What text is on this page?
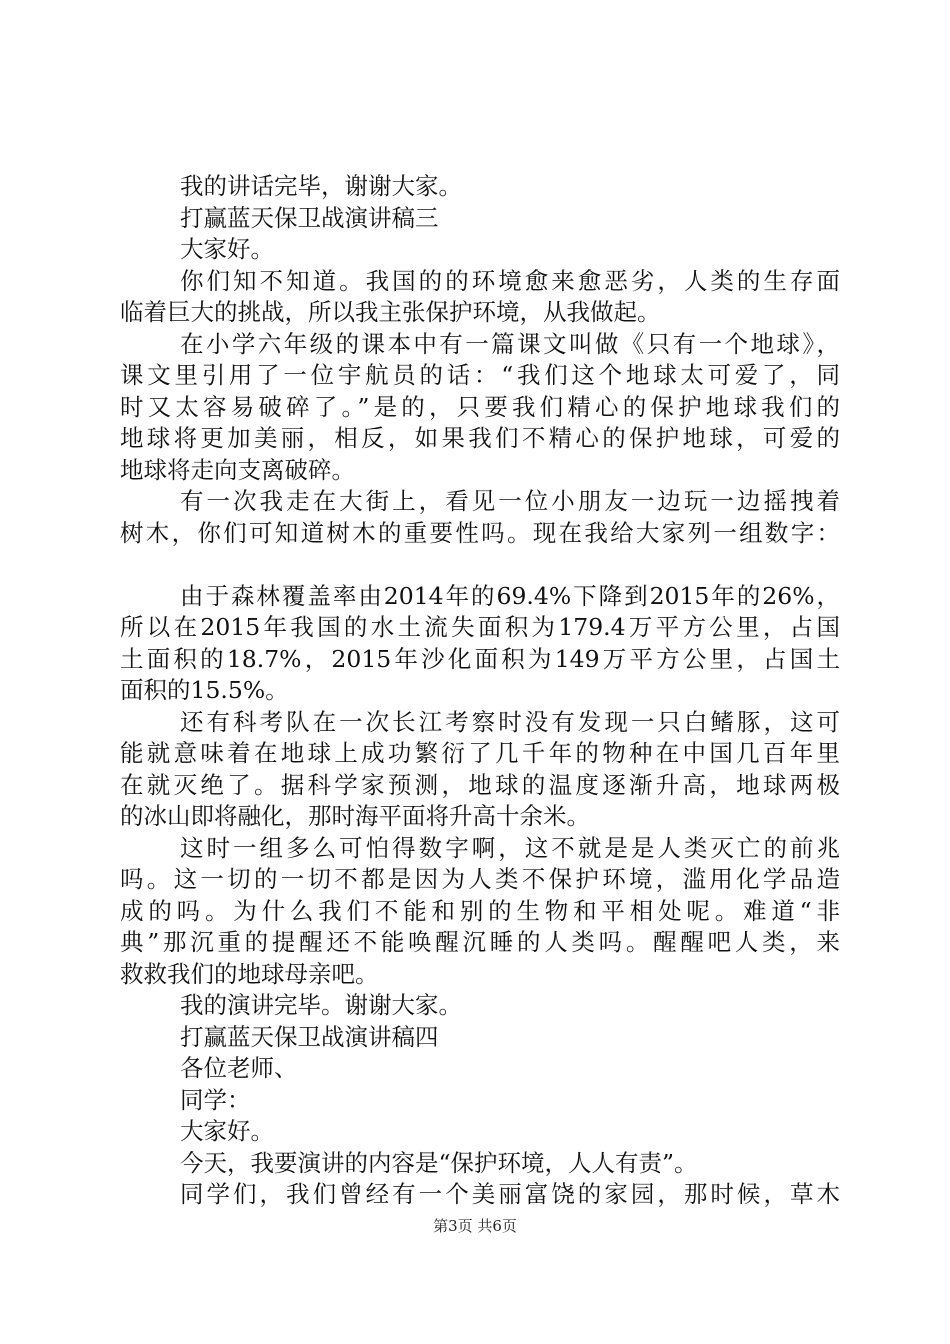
我的讲话完毕，谢谢大家。
打赢蓝天保卫战演讲稿三
大家好。
你们知不知道。我国的的环境愈来愈恶劣，人类的生存面
临着巨大的挑战，所以我主张保护环境，从我做起。
在小学六年级的课本中有一篇课文叫做《只有一个地球》，
课文里引用了一位宇航员的话：“我们这个地球太可爱了，同
时又太容易破碎了。”是的，只要我们精心的保护地球我们的
地球将更加美丽，相反，如果我们不精心的保护地球，可爱的
地球将走向支离破碎。
有一次我走在大街上，看见一位小朋友一边玩一边摇拽着
树木，你们可知道树木的重要性吗。现在我给大家列一组数字：
由于森林覆盖率由2014年的69.4%下降到2015年的26%，
所以在2015年我国的水土流失面积为179.4万平方公里，占国
土面积的18.7%，2015年沙化面积为149万平方公里，占国土
面积的15.5%。
还有科考队在一次长江考察时没有发现一只白鳍豚，这可
能就意味着在地球上成功繁衍了几千年的物种在中国几百年里
在就灭绝了。据科学家预测，地球的温度逐渐升高，地球两极
的冰山即将融化，那时海平面将升高十余米。
这时一组多么可怕得数字啊，这不就是是人类灭亡的前兆
吗。这一切的一切不都是因为人类不保护环境，滥用化学品造
成的吗。为什么我们不能和别的生物和平相处呢。难道“非
典”那沉重的提醒还不能唤醒沉睡的人类吗。醒醒吧人类，来
救救我们的地球母亲吧。
我的演讲完毕。谢谢大家。
打赢蓝天保卫战演讲稿四
各位老师、
同学：
大家好。
今天，我要演讲的内容是“保护环境，人人有责”。
同学们，我们曾经有一个美丽富饶的家园，那时候，草木
第3页 共6页
